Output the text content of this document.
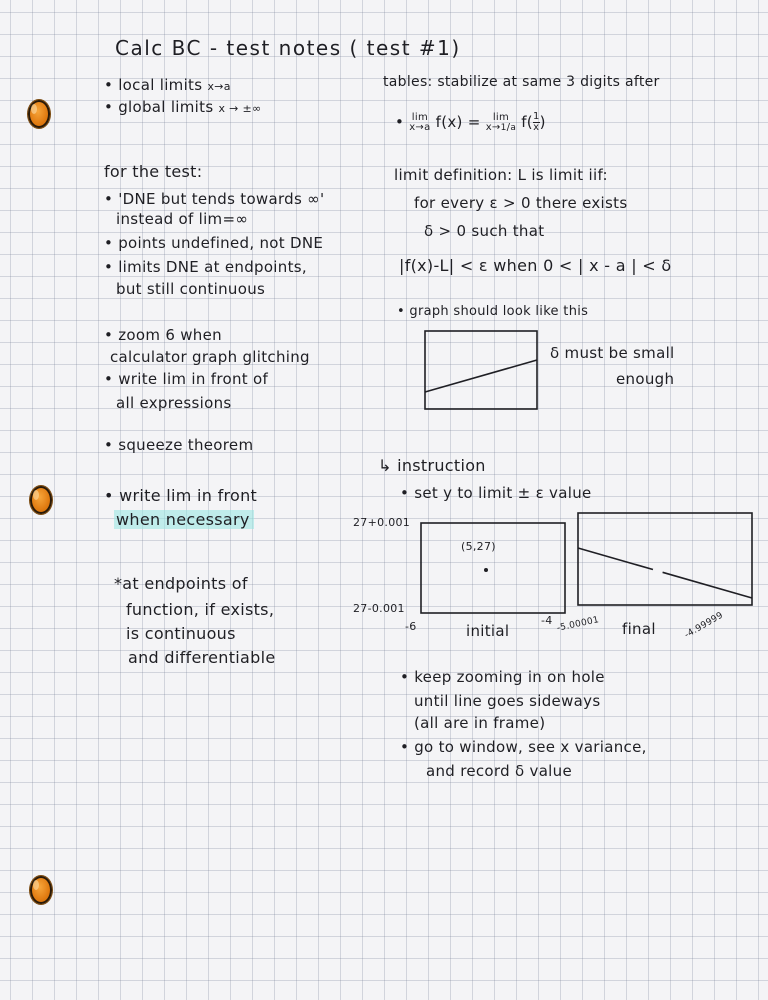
Calc BC - test notes ( test #1)
• local limits x→a
• global limits x → ±∞
for the test:
• 'DNE but tends towards ∞'
instead of lim=∞
• points undefined, not DNE
• limits DNE at endpoints,
but still continuous
• zoom 6 when
calculator graph glitching
• write lim in front of
all expressions
• squeeze theorem
• write lim in front
when necessary
*at endpoints of
function, if exists,
is continuous
and differentiable
tables: stabilize at same 3 digits after
• lim
x→a f(x) =	lim
x→1/a $f( \frac{1}{x}$ )
limit definition: L is limit iif:
for every ε > 0 there exists
δ > 0 such that
|f(x)-L| < ε when 0 < | x - a | < δ
• graph should look like this
δ must be small
enough
↳ instruction
• set y to limit ± ε value
27+0.001
27-0.001
(5,27)
-6	-4
initial	-5.00001 final	-4.99999
• keep zooming in on hole
until line goes sideways
(all are in frame)
• go to window, see x variance,
and record δ value
